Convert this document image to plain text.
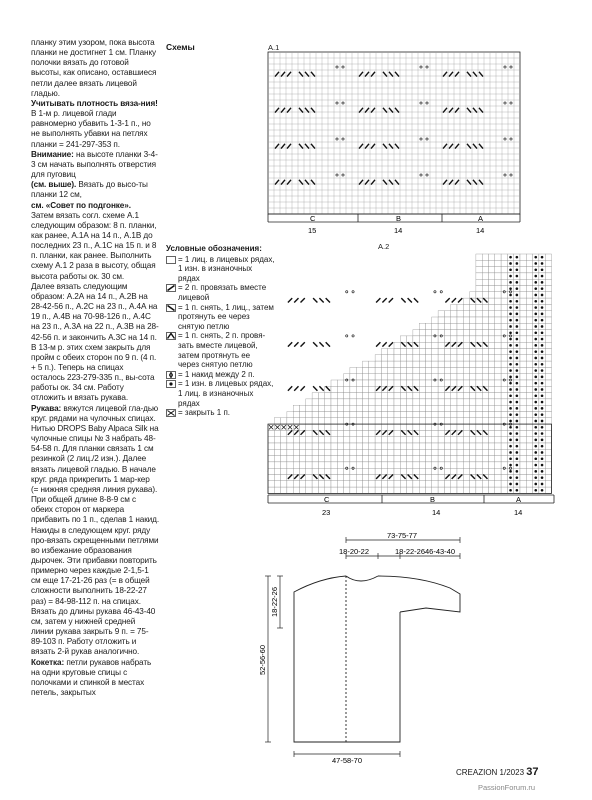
планку этим узором, пока высота планки не достигнет 1 см. Планку полочки вязать до готовой высоты, как описано, оставшиеся петли далее вязать лицевой гладью.

Учитывать плотность вяза-ния! В 1-м р. лицевой глади равномерно убавить 1-3-1 п., но не выполнять убавки на петлях планки = 241-297-353 п.

Внимание: на высоте планки 3-4-3 см начать выполнять отверстия для пуговиц

(см. выше). Вязать до высо-ты планки 12 см,

см. «Совет по подгонке».

Затем вязать согл. схеме А.1 следующим образом: 8 п. планки, как ранее, А.1А на 14 п., А.1В до последних 23 п., А.1С на 15 п. и 8 п. планки, как ранее. Выполнить схему А.1 2 раза в высоту, общая высота работы ок. 30 см.

Далее вязать следующим образом: А.2А на 14 п., А.2В на 28-42-56 п., А.2С на 23 п., А.4А на 19 п., А.4В на 70-98-126 п., А.4С на 23 п., А.3А на 22 п., А.3В на 28-42-56 п. и закончить А.3С на 14 п. В 13-м р. этих схем закрыть для пройм с обеих сторон по 9 п. (4 п. + 5 п.). Теперь на спицах осталось 223-279-335 п., вы-сота работы ок. 34 см. Работу отложить и вязать рукава.

Рукава: вяжутся лицевой гла-дью круг. рядами на чулочных спицах. Нитью DROPS Baby Alpaca Silk на чулочные спицы № 3 набрать 48-54-58 п. Для планки связать 1 см резинкой (2 лиц./2 изн.). Далее вязать лицевой гладью. В начале круг. ряда прикрепить 1 мар-кер (= нижняя средняя линия рукава). При общей длине 8-8-9 см с обеих сторон от маркера прибавить по 1 п., сделав 1 накид. Накиды в следующем круг. ряду про-вязать скрещенными петлями во избежание образования дырочек. Эти прибавки повторить примерно через каждые 2-1,5-1 см еще 17-21-26 раз (= в общей сложности выполнить 18-22-27 раз) = 84-98-112 п. на спицах. Вязать до длины рукава 46-43-40 см, затем у нижней средней линии рукава закрыть 9 п. = 75-89-103 п. Работу отложить и вязать 2-й рукав аналогично.

Кокетка: петли рукавов набрать на одни круговые спицы с полочками и спинкой в местах петель, закрытых

Схемы	А.1
C	B	A
15	14	14
Условные обозначения:
= 1 лиц. в лицевых рядах,
1 изн. в изнаночных
рядах
= 2 п. провязать вместе
лицевой
= 1 п. снять, 1 лиц., затем
протянуть ее через
снятую петлю
= 1 п. снять, 2 п. провя-
зать вместе лицевой,
затем протянуть ее
через снятую петлю
= 1 накид между 2 п.
= 1 изн. в лицевых рядах,
1 лиц. в изнаночных
рядах
= закрыть 1 п.
А.2
C	B	A
23	14	14
73-75-77
18-20-22	18-22-26 46-43-40
18-22-26
52-56-60
47-58-70
CREAZION 1/2023 37
PassionForum.ru
